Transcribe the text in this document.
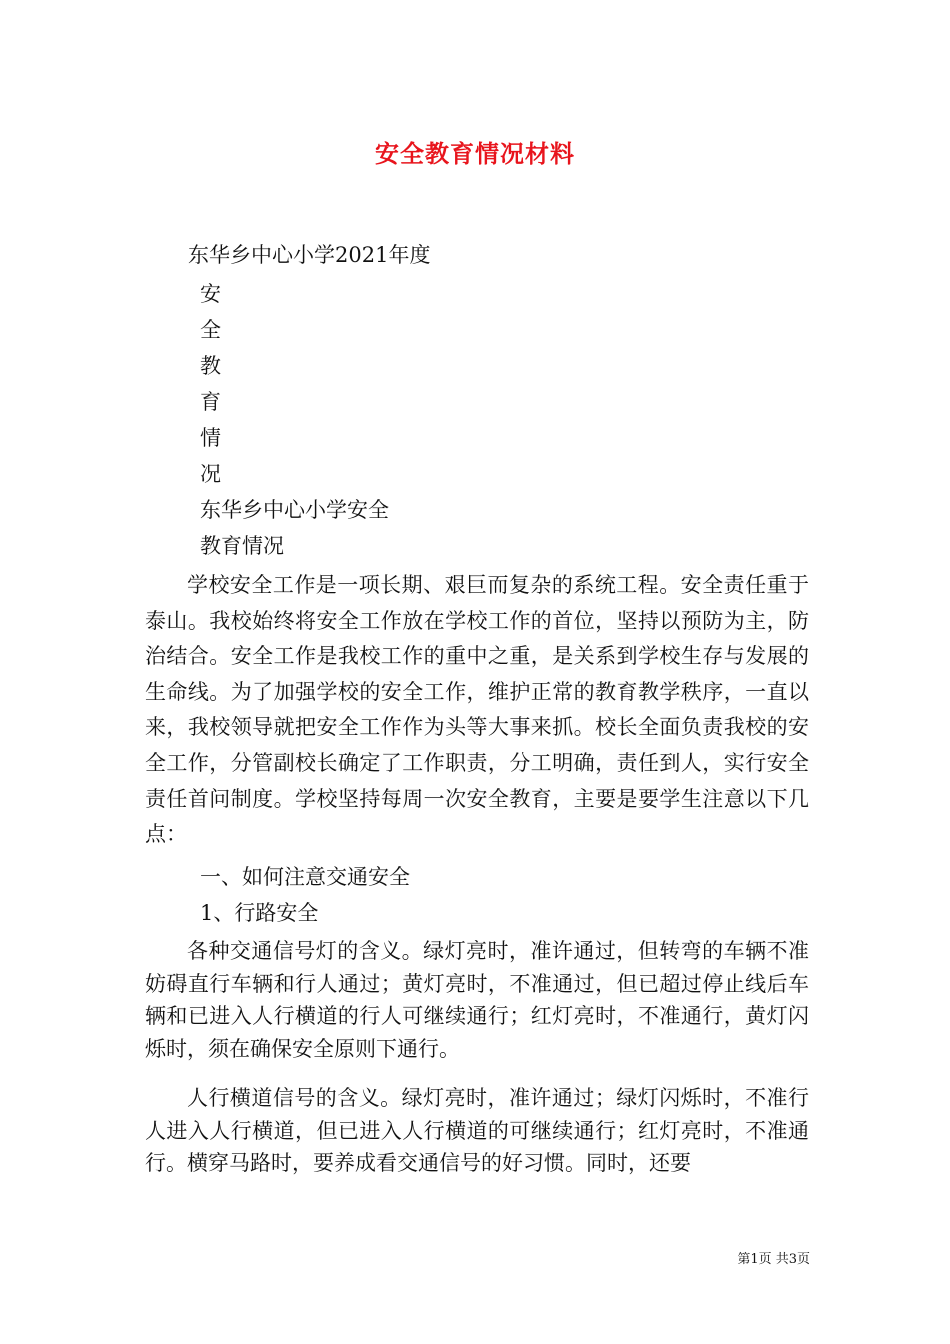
安全教育情况材料
东华乡中心小学2021年度
安
全
教
育
情
况
东华乡中心小学安全
教育情况

学校安全工作是一项长期、艰巨而复杂的系统工程。安全责任重于泰山。我校始终将安全工作放在学校工作的首位，坚持以预防为主，防治结合。安全工作是我校工作的重中之重，是关系到学校生存与发展的生命线。为了加强学校的安全工作，维护正常的教育教学秩序，一直以来，我校领导就把安全工作作为头等大事来抓。校长全面负责我校的安全工作，分管副校长确定了工作职责，分工明确，责任到人，实行安全责任首问制度。学校坚持每周一次安全教育，主要是要学生注意以下几点：

一、如何注意交通安全
1、行路安全

各种交通信号灯的含义。绿灯亮时，准许通过，但转弯的车辆不准妨碍直行车辆和行人通过；黄灯亮时，不准通过，但已超过停止线后车辆和已进入人行横道的行人可继续通行；红灯亮时，不准通行，黄灯闪烁时，须在确保安全原则下通行。

人行横道信号的含义。绿灯亮时，准许通过；绿灯闪烁时，不准行人进入人行横道，但已进入人行横道的可继续通行；红灯亮时，不准通行。横穿马路时，要养成看交通信号的好习惯。同时，还要

第1页 共3页
